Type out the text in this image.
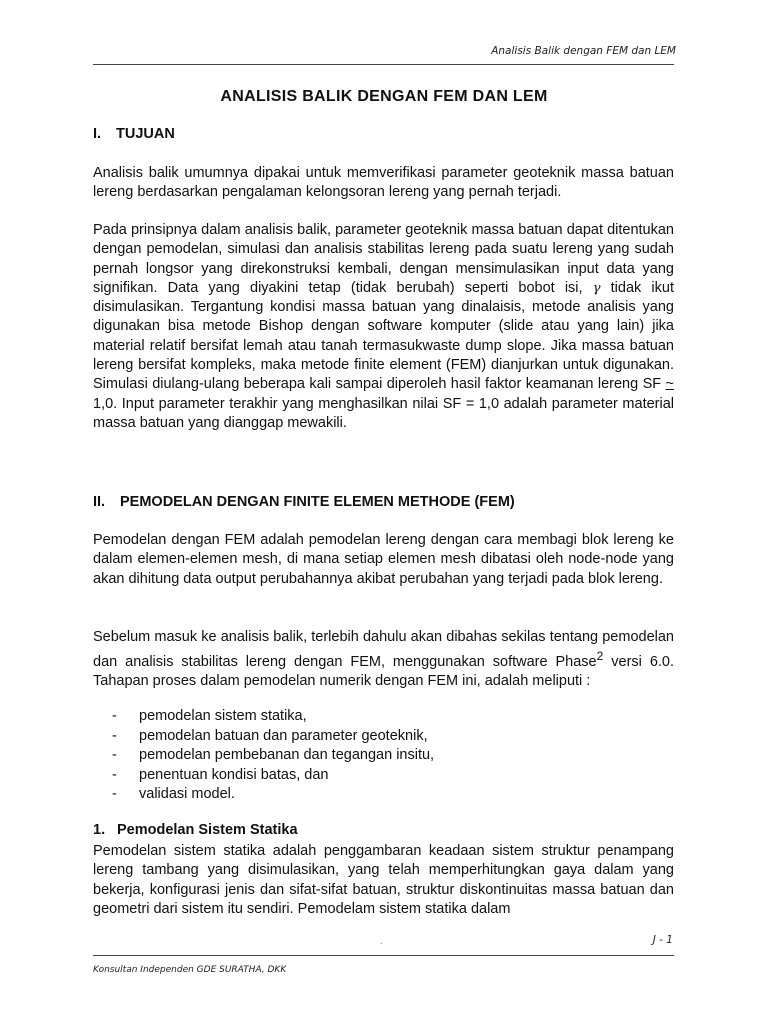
Analisis Balik dengan FEM dan LEM
ANALISIS BALIK DENGAN FEM DAN LEM
I. TUJUAN

Analisis balik umumnya dipakai untuk memverifikasi parameter geoteknik massa batuan lereng berdasarkan pengalaman kelongsoran lereng yang pernah terjadi.

Pada prinsipnya dalam analisis balik, parameter geoteknik massa batuan dapat ditentukan dengan pemodelan, simulasi dan analisis stabilitas lereng pada suatu lereng yang sudah pernah longsor yang direkonstruksi kembali, dengan mensimulasikan input data yang signifikan. Data yang diyakini tetap (tidak berubah) seperti bobot isi, γ tidak ikut disimulasikan. Tergantung kondisi massa batuan yang dinalaisis, metode analisis yang digunakan bisa metode Bishop dengan software komputer (slide atau yang lain) jika material relatif bersifat lemah atau tanah termasukwaste dump slope. Jika massa batuan lereng bersifat kompleks, maka metode finite element (FEM) dianjurkan untuk digunakan. Simulasi diulang-ulang beberapa kali sampai diperoleh hasil faktor keamanan lereng SF ~ 1,0. Input parameter terakhir yang menghasilkan nilai SF = 1,0 adalah parameter material massa batuan yang dianggap mewakili.

II. PEMODELAN DENGAN FINITE ELEMEN METHODE (FEM)

Pemodelan dengan FEM adalah pemodelan lereng dengan cara membagi blok lereng ke dalam elemen-elemen mesh, di mana setiap elemen mesh dibatasi oleh node-node yang akan dihitung data output perubahannya akibat perubahan yang terjadi pada blok lereng.

Sebelum masuk ke analisis balik, terlebih dahulu akan dibahas sekilas tentang pemodelan dan analisis stabilitas lereng dengan FEM, menggunakan software Phase$^2$ versi 6.0. Tahapan proses dalam pemodelan numerik dengan FEM ini, adalah meliputi :

-	pemodelan sistem statika,
-	pemodelan batuan dan parameter geoteknik,
-	pemodelan pembebanan dan tegangan insitu,
-	penentuan kondisi batas, dan
-	validasi model.
1. Pemodelan Sistem Statika

Pemodelan sistem statika adalah penggambaran keadaan sistem struktur penampang lereng tambang yang disimulasikan, yang telah memperhitungkan gaya dalam yang bekerja, konfigurasi jenis dan sifat-sifat batuan, struktur diskontinuitas massa batuan dan geometri dari sistem itu sendiri. Pemodelam sistem statika dalam

.	J - 1
Konsultan Independen GDE SURATHA, DKK
